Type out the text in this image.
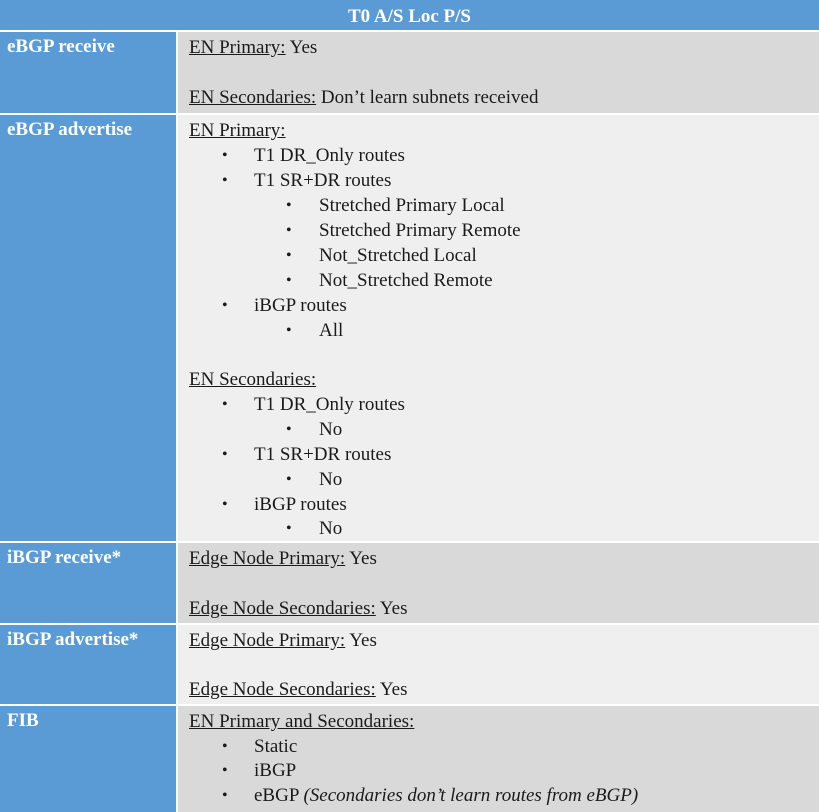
T0 A/S Loc P/S
eBGP receive	EN Primary: Yes
EN Secondaries: Don’t learn subnets received
eBGP advertise	EN Primary:
• T1 DR_Only routes
• T1 SR+DR routes
• Stretched Primary Local
• Stretched Primary Remote
• Not_Stretched Local
• Not_Stretched Remote
• iBGP routes
• All
EN Secondaries:
• T1 DR_Only routes
• No
• T1 SR+DR routes
• No
• iBGP routes
• No
iBGP receive*	Edge Node Primary: Yes
Edge Node Secondaries: Yes
iBGP advertise*	Edge Node Primary: Yes
Edge Node Secondaries: Yes
FIB	EN Primary and Secondaries:
• Static
• iBGP
• eBGP (Secondaries don’t learn routes from eBGP)
